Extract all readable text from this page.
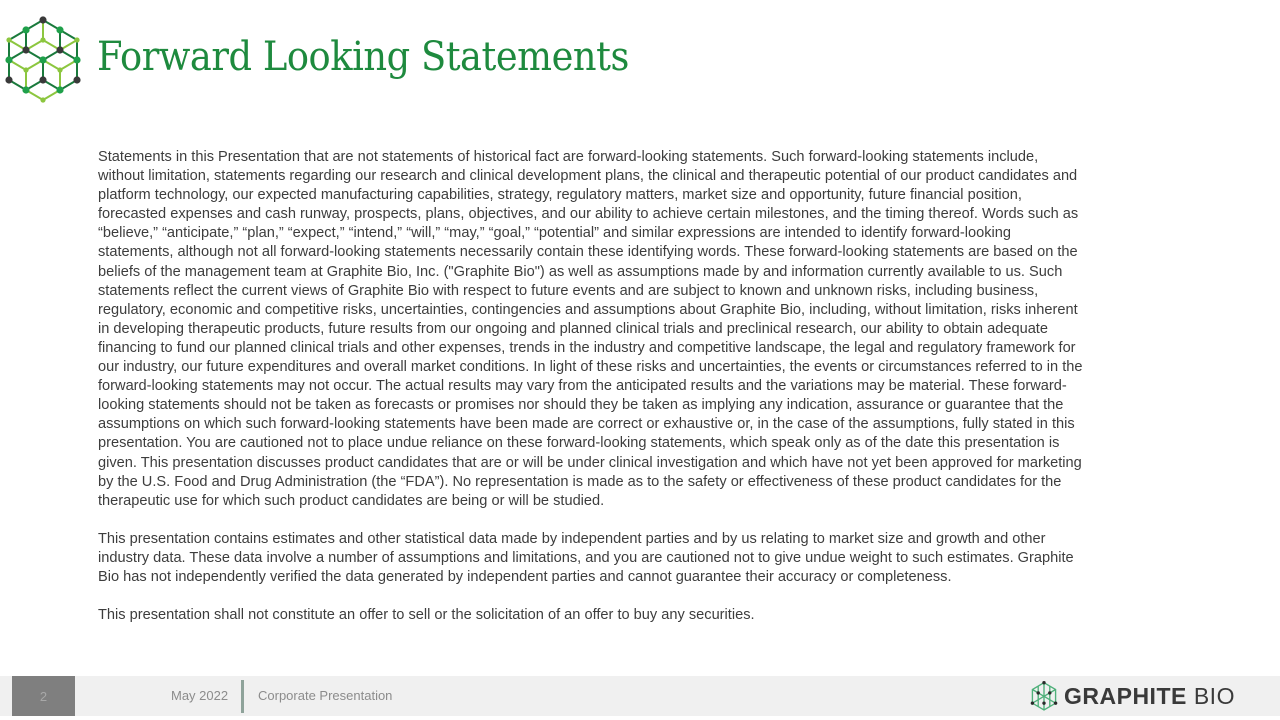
Forward Looking Statements

Statements in this Presentation that are not statements of historical fact are forward-looking statements. Such forward-looking statements include,
without limitation, statements regarding our research and clinical development plans, the clinical and therapeutic potential of our product candidates and
platform technology, our expected manufacturing capabilities, strategy, regulatory matters, market size and opportunity, future financial position,
forecasted expenses and cash runway, prospects, plans, objectives, and our ability to achieve certain milestones, and the timing thereof. Words such as
“believe,” “anticipate,” “plan,” “expect,” “intend,” “will,” “may,” “goal,” “potential” and similar expressions are intended to identify forward-looking
statements, although not all forward-looking statements necessarily contain these identifying words. These forward-looking statements are based on the
beliefs of the management team at Graphite Bio, Inc. ("Graphite Bio") as well as assumptions made by and information currently available to us. Such
statements reflect the current views of Graphite Bio with respect to future events and are subject to known and unknown risks, including business,
regulatory, economic and competitive risks, uncertainties, contingencies and assumptions about Graphite Bio, including, without limitation, risks inherent
in developing therapeutic products, future results from our ongoing and planned clinical trials and preclinical research, our ability to obtain adequate
financing to fund our planned clinical trials and other expenses, trends in the industry and competitive landscape, the legal and regulatory framework for
our industry, our future expenditures and overall market conditions. In light of these risks and uncertainties, the events or circumstances referred to in the
forward-looking statements may not occur. The actual results may vary from the anticipated results and the variations may be material. These forward-
looking statements should not be taken as forecasts or promises nor should they be taken as implying any indication, assurance or guarantee that the
assumptions on which such forward-looking statements have been made are correct or exhaustive or, in the case of the assumptions, fully stated in this
presentation. You are cautioned not to place undue reliance on these forward-looking statements, which speak only as of the date this presentation is
given. This presentation discusses product candidates that are or will be under clinical investigation and which have not yet been approved for marketing
by the U.S. Food and Drug Administration (the “FDA”). No representation is made as to the safety or effectiveness of these product candidates for the
therapeutic use for which such product candidates are being or will be studied.

This presentation contains estimates and other statistical data made by independent parties and by us relating to market size and growth and other
industry data. These data involve a number of assumptions and limitations, and you are cautioned not to give undue weight to such estimates. Graphite
Bio has not independently verified the data generated by independent parties and cannot guarantee their accuracy or completeness.

This presentation shall not constitute an offer to sell or the solicitation of an offer to buy any securities.

2	May 2022 Corporate Presentation	GRAPHITE BIO
